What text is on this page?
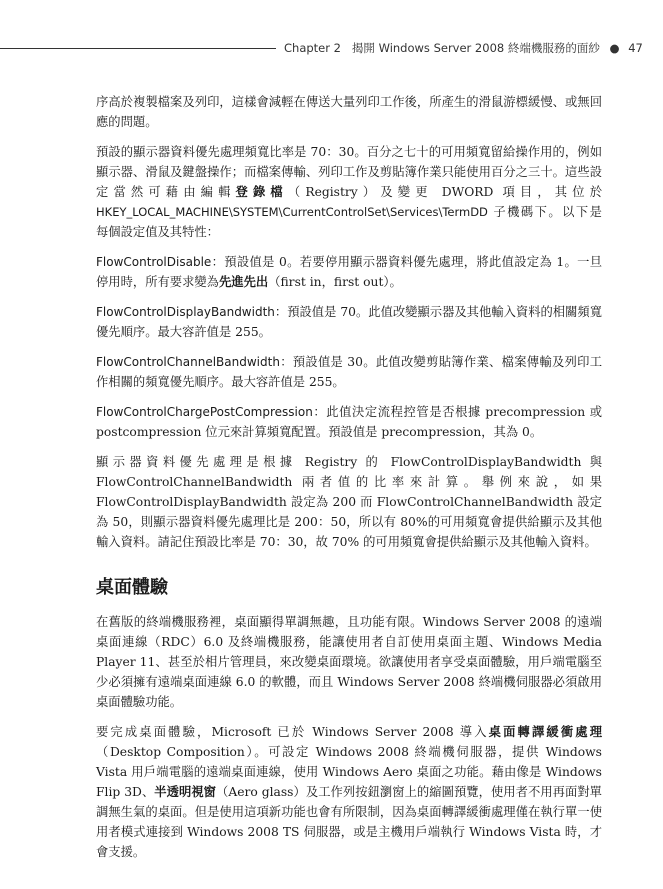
Chapter 2 揭開 Windows Server 2008 終端機服務的面紗 ● 47

序高於複製檔案及列印，這樣會減輕在傳送大量列印工作後，所產生的滑鼠游標緩慢、或無回應的問題。

預設的顯示器資料優先處理頻寬比率是 70：30。百分之七十的可用頻寬留給操作用的，例如顯示器、滑鼠及鍵盤操作；而檔案傳輸、列印工作及剪貼簿作業只能使用百分之三十。這些設定當然可藉由編輯登錄檔（Registry）及變更 DWORD 項目，其位於 HKEY_LOCAL_MACHINE\SYSTEM\CurrentControlSet\Services\TermDD 子機碼下。以下是每個設定值及其特性：

FlowControlDisable：預設值是 0。若要停用顯示器資料優先處理，將此值設定為 1。一旦停用時，所有要求變為先進先出（first in，first out）。

FlowControlDisplayBandwidth：預設值是 70。此值改變顯示器及其他輸入資料的相關頻寬優先順序。最大容許值是 255。

FlowControlChannelBandwidth：預設值是 30。此值改變剪貼簿作業、檔案傳輸及列印工作相關的頻寬優先順序。最大容許值是 255。

FlowControlChargePostCompression：此值決定流程控管是否根據 precompression 或 postcompression 位元來計算頻寬配置。預設值是 precompression，其為 0。

顯示器資料優先處理是根據 Registry 的 FlowControlDisplayBandwidth 與 FlowControlChannelBandwidth 兩者值的比率來計算。舉例來說，如果 FlowControlDisplayBandwidth 設定為 200 而 FlowControlChannelBandwidth 設定為 50，則顯示器資料優先處理比是 200：50，所以有 80%的可用頻寬會提供給顯示及其他輸入資料。請記住預設比率是 70：30，故 70% 的可用頻寬會提供給顯示及其他輸入資料。

桌面體驗

在舊版的終端機服務裡，桌面顯得單調無趣，且功能有限。Windows Server 2008 的遠端桌面連線（RDC）6.0 及終端機服務，能讓使用者自訂使用桌面主題、Windows Media Player 11、甚至於相片管理員，來改變桌面環境。欲讓使用者享受桌面體驗，用戶端電腦至少必須擁有遠端桌面連線 6.0 的軟體，而且 Windows Server 2008 終端機伺服器必須啟用桌面體驗功能。

要完成桌面體驗，Microsoft 已於 Windows Server 2008 導入桌面轉譯緩衝處理（Desktop Composition）。可設定 Windows 2008 終端機伺服器，提供 Windows Vista 用戶端電腦的遠端桌面連線，使用 Windows Aero 桌面之功能。藉由像是 Windows Flip 3D、半透明視窗（Aero glass）及工作列按鈕瀏窗上的縮圖預覽，使用者不用再面對單調無生氣的桌面。但是使用這項新功能也會有所限制，因為桌面轉譯緩衝處理僅在執行單一使用者模式連接到 Windows 2008 TS 伺服器，或是主機用戶端執行 Windows Vista 時，才會支援。
